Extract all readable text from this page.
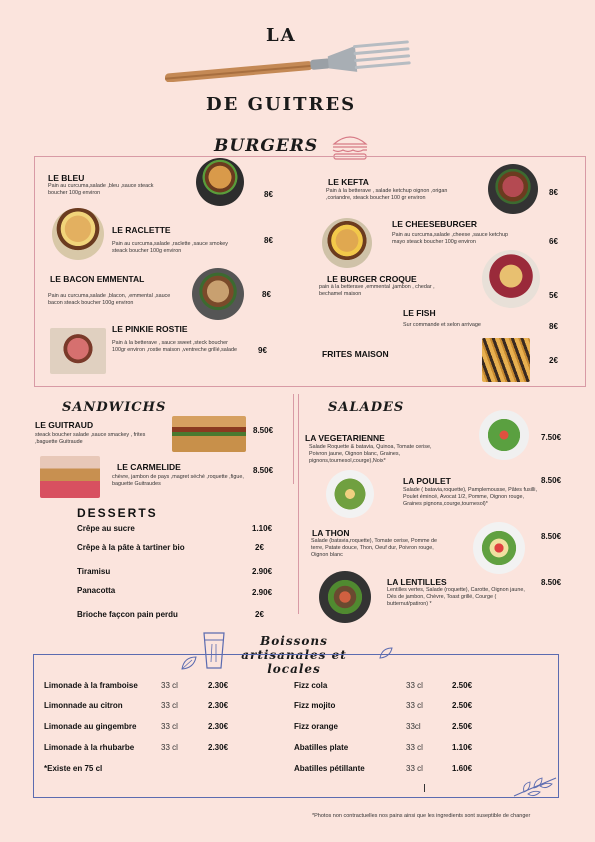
LA
DE GUITRES
BURGERS
LE BLEU
Pain au curcuma,salade ,bleu ,sauce steack boucher 100g environ	8€
LE RACLETTE
Pain au curcuma,salade ,raclette ,sauce smokey steack boucher 100g environ
8€
LE BACON EMMENTAL
Pain au curcuma,salade ,blacon, ,emmental ,sauce bacon steack boucher 100g environ
8€
LE PINKIE ROSTIE
Pain à la betterave , sauce sweet ,steck boucher 100gr environ ,rostie maison ,ventreche grillé,salade	9€
LE KEFTA
Pain à la betterave , salade ketchup oignon ,origan ,coriandre, steack boucher 100 gr environ
8€
LE CHEESEBURGER
Pain au curcuma,salade ,cheese ,sauce ketchup mayo steack boucher 100g environ	6€
LE BURGER CROQUE
pain à la betterave ,emmental ,jambon , chedar , bechamel maison	5€
LE FISH
Sur commande et selon arrivage	8€
FRITES MAISON
2€
SANDWICHS
LE GUITRAUD
steack boucher salade ,sauce smackey , frites ,baguette Guitraude
8.50€
LE CARMELIDE
chèvre, jambon de pays ,magret séché ,roquette ,figue, baguette Guitraudes
8.50€
DESSERTS
Crêpe au sucre	1.10€
Crêpe à la pâte à tartiner bio	2€
Tiramisu	2.90€
Panacotta	2.90€
Brioche façcon pain perdu	2€
SALADES
LA VEGETARIENNE
Salade Roquette & batavia, Quinoa, Tomate cerise, Poivron jaune, Oignon blanc, Graines, pignons,tournesol,courge),Noix*
7.50€
LA POULET
Salade ( batavia,roquette), Pamplemousse, Pâtes fusilli, Poulet émincé, Avocat 1/2, Pomme, Oignon rouge, Graines pignons,courge,tournesol)*
8.50€
LA THON
Salade (batavia,roquette), Tomate cerise, Pomme de terre, Patate douce, Thon, Oeuf dur, Poivron rouge, Oignon blanc
8.50€
LA LENTILLES
Lentilles vertes, Salade (roquette), Carotte, Oignon jaune, Dés de jambon, Chèvre, Toast grillé, Courge ( butternut/patiron) *
8.50€
Boissons artisanales et locales
Limonade à la framboise	33 cl	2.30€
Limonnade au citron	33 cl	2.30€
Limonade au gingembre	33 cl	2.30€
Limonade à la rhubarbe	33 cl	2.30€
*Existe en 75 cl
Fizz cola	33 cl	2.50€
Fizz mojito	33 cl	2.50€
Fizz orange	33cl	2.50€
Abatilles plate	33 cl	1.10€
Abatilles pétillante	33 cl	1.60€
*Photos non contractuelles nos pains ainsi que les ingredients sont suseptible de changer
